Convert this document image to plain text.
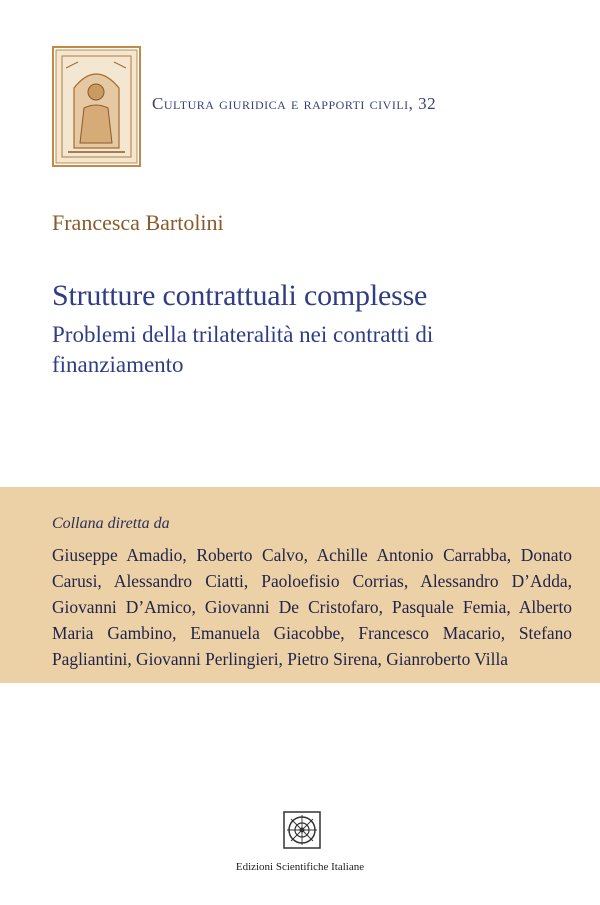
Cultura giuridica e rapporti civili, 32
Francesca Bartolini
Strutture contrattuali complesse
Problemi della trilateralità nei contratti di finanziamento
Collana diretta da
Giuseppe Amadio, Roberto Calvo, Achille Antonio Carrabba, Donato Carusi, Alessandro Ciatti, Paoloefisio Corrias, Alessandro D’Adda, Giovanni D’Amico, Giovanni De Cristofaro, Pasquale Femia, Alberto Maria Gambino, Emanuela Giacobbe, Francesco Macario, Stefano Pagliantini, Giovanni Perlingieri, Pietro Sirena, Gianroberto Villa
Edizioni Scientifiche Italiane
